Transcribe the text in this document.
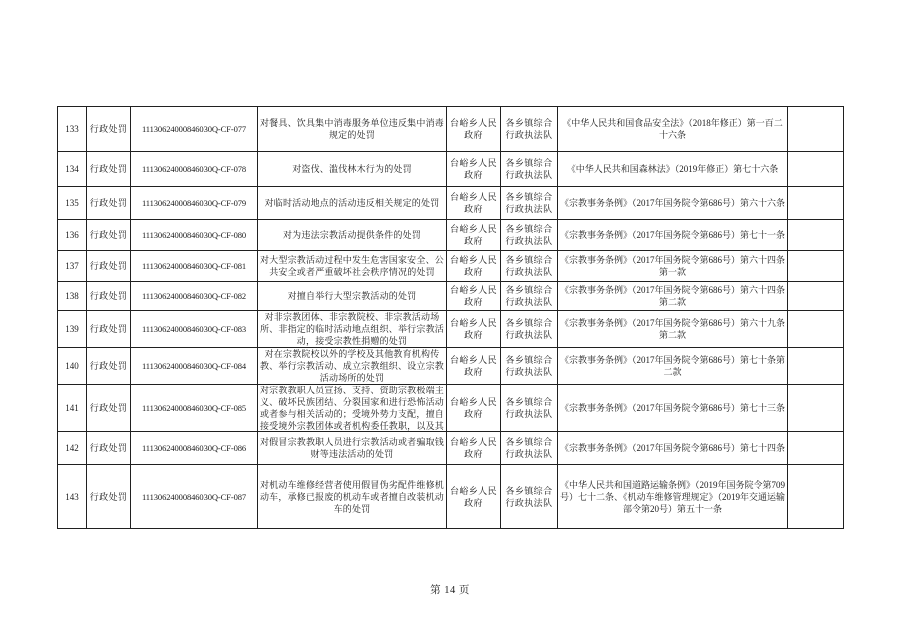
133	行政处罚	11130624000846030Q-CF-077	对餐具、饮具集中消毒服务单位违反集中消毒规定的处罚	台峪乡人民政府	各乡镇综合行政执法队	《中华人民共和国食品安全法》（2018年修正）第一百二十六条	

134	行政处罚	11130624000846030Q-CF-078	对盗伐、滥伐林木行为的处罚	台峪乡人民政府	各乡镇综合行政执法队	《中华人民共和国森林法》（2019年修正）第七十六条	

135	行政处罚	11130624000846030Q-CF-079	对临时活动地点的活动违反相关规定的处罚	台峪乡人民政府	各乡镇综合行政执法队	《宗教事务条例》（2017年国务院令第686号）第六十六条	

136	行政处罚	11130624000846030Q-CF-080	对为违法宗教活动提供条件的处罚	台峪乡人民政府	各乡镇综合行政执法队	《宗教事务条例》（2017年国务院令第686号）第七十一条	

137	行政处罚	11130624000846030Q-CF-081	对大型宗教活动过程中发生危害国家安全、公共安全或者严重破坏社会秩序情况的处罚	台峪乡人民政府	各乡镇综合行政执法队	《宗教事务条例》（2017年国务院令第686号）第六十四条第一款	

138	行政处罚	11130624000846030Q-CF-082	对擅自举行大型宗教活动的处罚	台峪乡人民政府	各乡镇综合行政执法队	《宗教事务条例》（2017年国务院令第686号）第六十四条第二款	

139	行政处罚	11130624000846030Q-CF-083	对非宗教团体、非宗教院校、非宗教活动场所、非指定的临时活动地点组织、举行宗教活动，接受宗教性捐赠的处罚	台峪乡人民政府	各乡镇综合行政执法队	《宗教事务条例》（2017年国务院令第686号）第六十九条第二款	

140	行政处罚	11130624000846030Q-CF-084	对在宗教院校以外的学校及其他教育机构传教、举行宗教活动、成立宗教组织、设立宗教活动场所的处罚	台峪乡人民政府	各乡镇综合行政执法队	《宗教事务条例》（2017年国务院令第686号）第七十条第二款	

141	行政处罚	11130624000846030Q-CF-085	对宗教教职人员宣扬、支持、资助宗教极端主义、破坏民族团结、分裂国家和进行恐怖活动或者参与相关活动的；受境外势力支配，擅自接受境外宗教团体或者机构委任教职，以及其	台峪乡人民政府	各乡镇综合行政执法队	《宗教事务条例》（2017年国务院令第686号）第七十三条	

142	行政处罚	11130624000846030Q-CF-086	对假冒宗教教职人员进行宗教活动或者骗取钱财等违法活动的处罚	台峪乡人民政府	各乡镇综合行政执法队	《宗教事务条例》（2017年国务院令第686号）第七十四条	

143	行政处罚	11130624000846030Q-CF-087	对机动车维修经营者使用假冒伪劣配件维修机动车，承修已报废的机动车或者擅自改装机动车的处罚	台峪乡人民政府	各乡镇综合行政执法队	《中华人民共和国道路运输条例》（2019年国务院令第709号）七十二条、《机动车维修管理规定》（2019年交通运输部令第20号）第五十一条	

第 14 页
